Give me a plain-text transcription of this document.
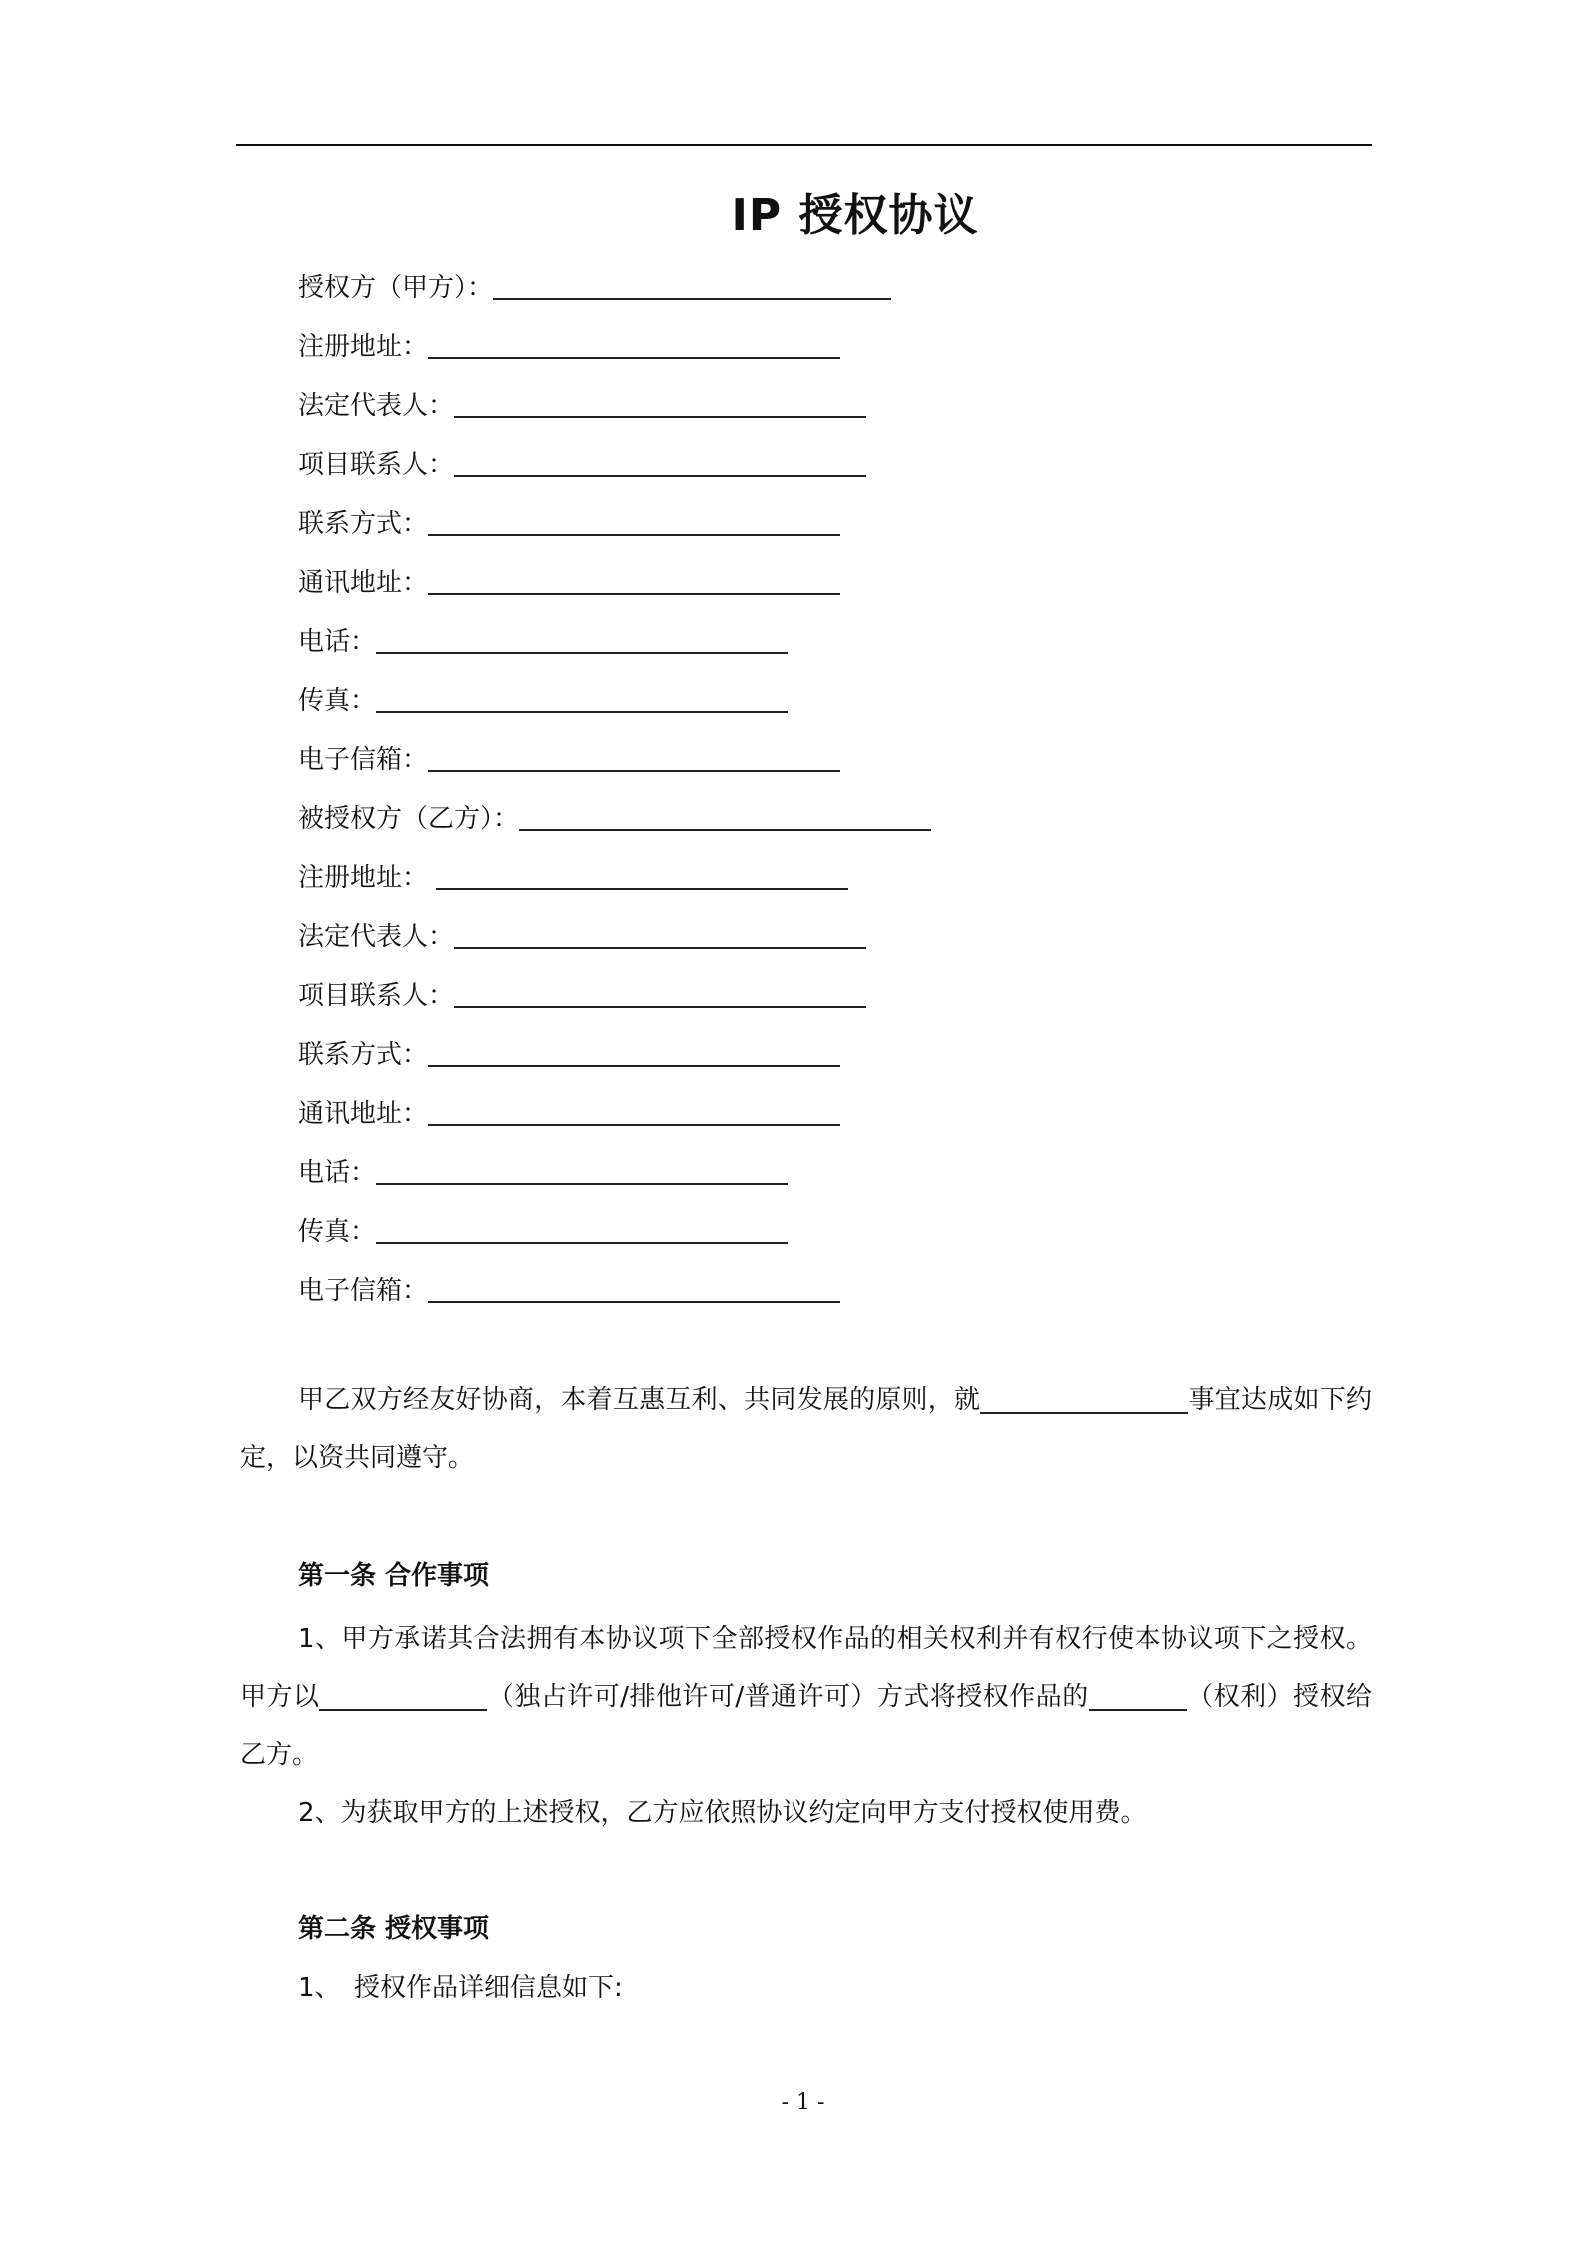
IP 授权协议
授权方（甲方）：
注册地址：
法定代表人：
项目联系人：
联系方式：
通讯地址：
电话：
传真：
电子信箱：
被授权方（乙方）：
注册地址：
法定代表人：
项目联系人：
联系方式：
通讯地址：
电话：
传真：
电子信箱：
甲乙双方经友好协商，本着互惠互利、共同发展的原则，就	事宜达成如下约定，以资共同遵守。
第一条 合作事项
1、甲方承诺其合法拥有本协议项下全部授权作品的相关权利并有权行使本协议项下之授权。甲方以	（独占许可/排他许可/普通许可）方式将授权作品的	（权利）授权给乙方。
2、为获取甲方的上述授权，乙方应依照协议约定向甲方支付授权使用费。
第二条 授权事项
1、 授权作品详细信息如下:
- 1 -
